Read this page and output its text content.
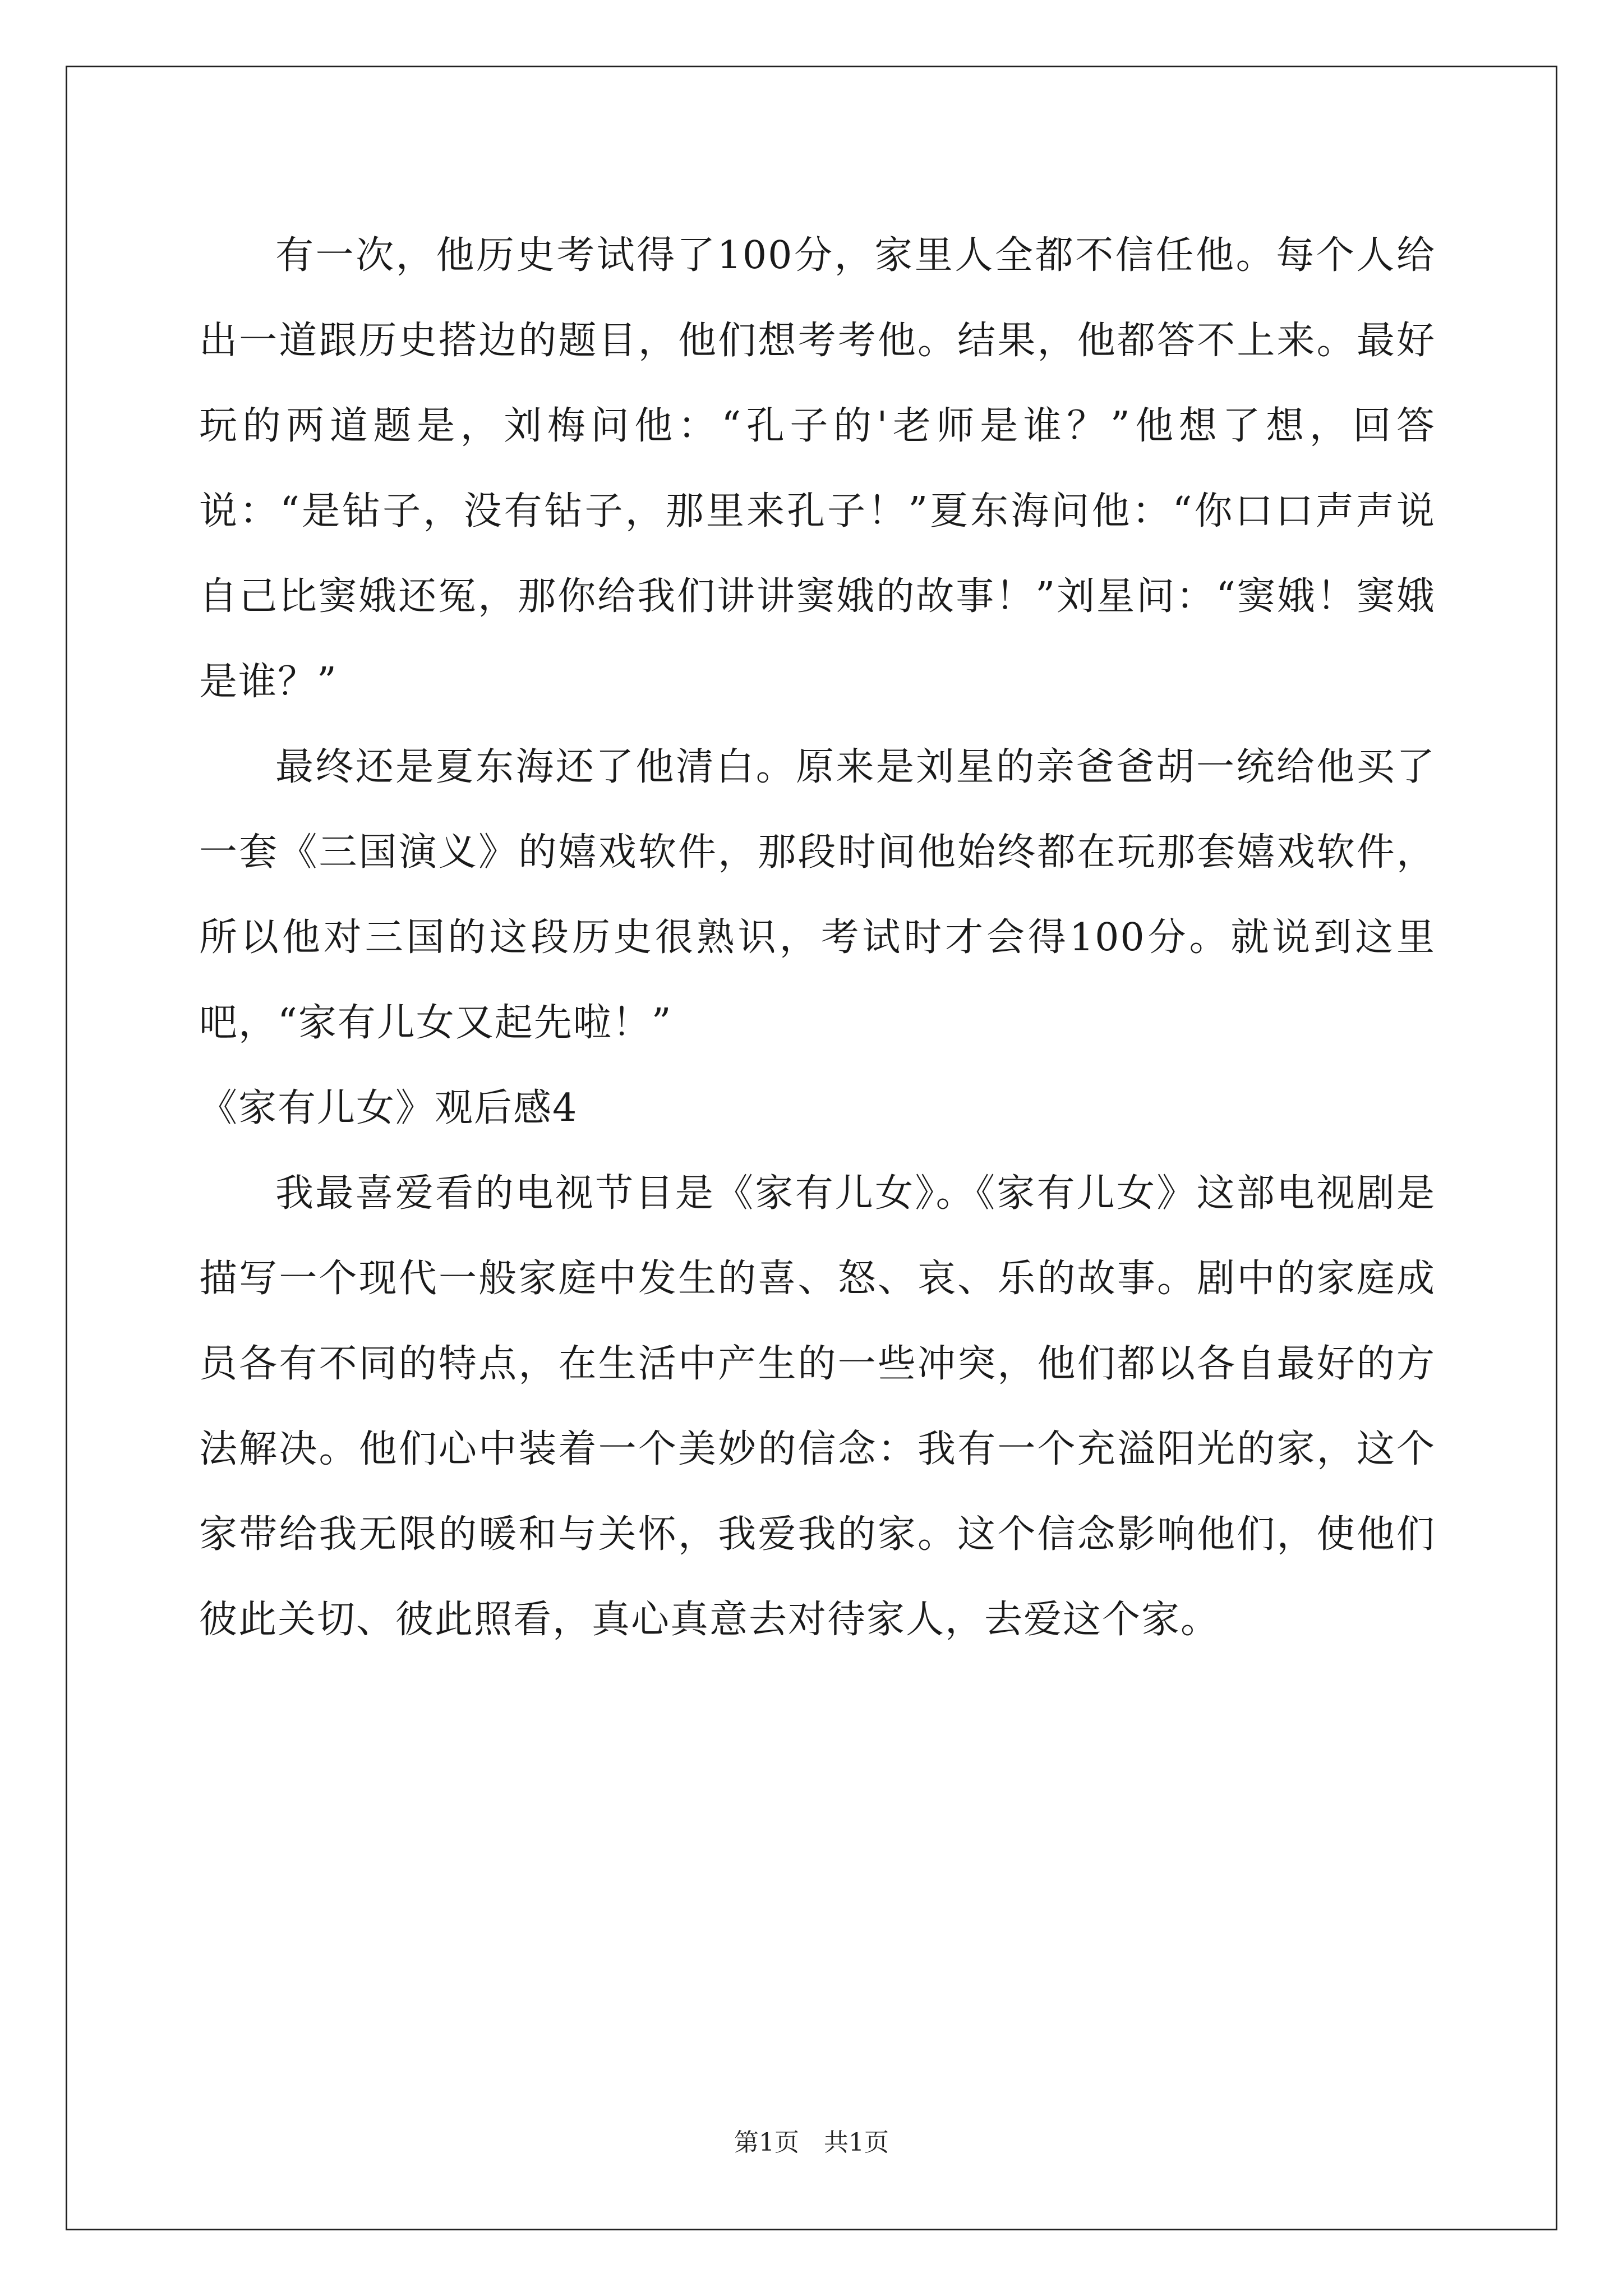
有一次，他历史考试得了100分，家里人全都不信任他。每个人给出一道跟历史搭边的题目，他们想考考他。结果，他都答不上来。最好玩的两道题是，刘梅问他：“孔子的'老师是谁？”他想了想，回答说：“是钻子，没有钻子，那里来孔子！”夏东海问他：“你口口声声说自己比窦娥还冤，那你给我们讲讲窦娥的故事！”刘星问：“窦娥！窦娥是谁？”

最终还是夏东海还了他清白。原来是刘星的亲爸爸胡一统给他买了一套《三国演义》的嬉戏软件，那段时间他始终都在玩那套嬉戏软件，所以他对三国的这段历史很熟识，考试时才会得100分。就说到这里吧，“家有儿女又起先啦！”

《家有儿女》观后感4

我最喜爱看的电视节目是《家有儿女》。《家有儿女》这部电视剧是描写一个现代一般家庭中发生的喜、怒、哀、乐的故事。剧中的家庭成员各有不同的特点，在生活中产生的一些冲突，他们都以各自最好的方法解决。他们心中装着一个美妙的信念：我有一个充溢阳光的家，这个家带给我无限的暖和与关怀，我爱我的家。这个信念影响他们，使他们彼此关切、彼此照看，真心真意去对待家人，去爱这个家。

第1页 共1页
